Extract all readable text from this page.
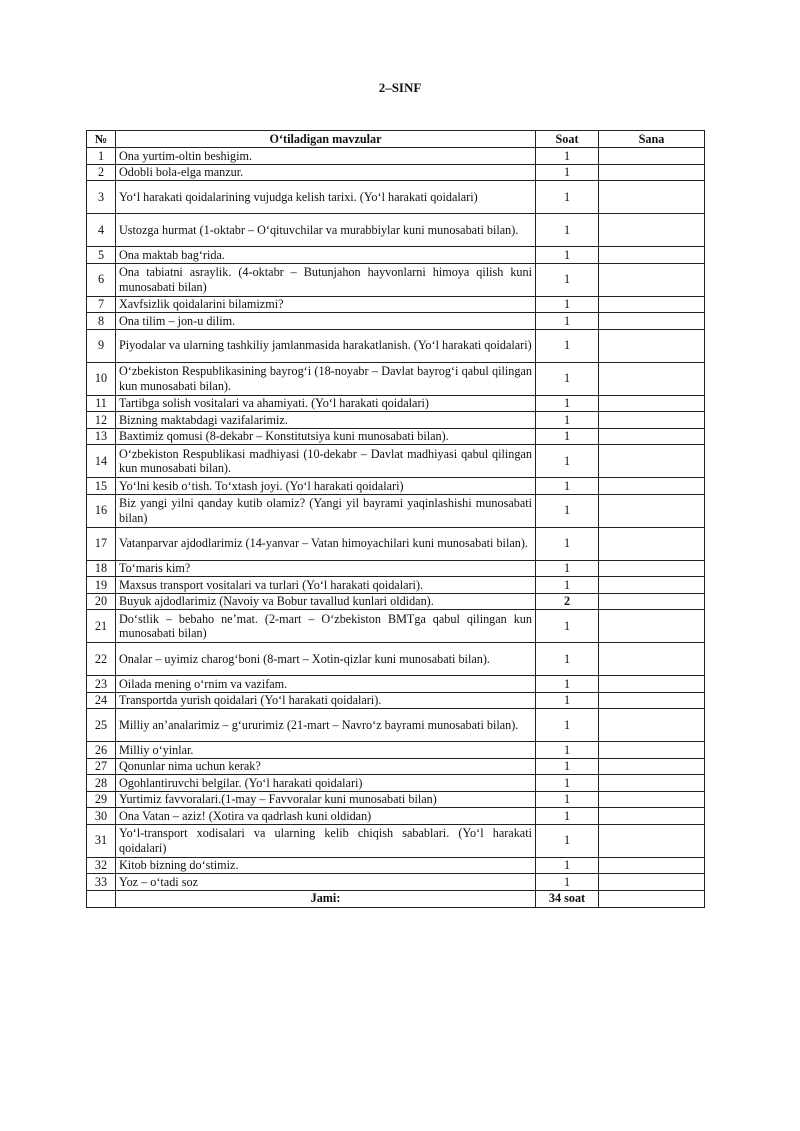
2–SINF
№	O‘tiladigan mavzular	Soat	Sana
1	Ona yurtim-oltin beshigim.	1	
2	Odobli bola-elga manzur.	1	
3	Yo‘l harakati qoidalarining vujudga kelish tarixi. (Yo‘l harakati qoidalari)	1	
4	Ustozga hurmat (1-oktabr – O‘qituvchilar va murabbiylar kuni munosabati bilan).	1	
5	Ona maktab bag‘rida.	1	
6	Ona tabiatni asraylik. (4-oktabr – Butunjahon hayvonlarni himoya qilish kuni munosabati bilan)	1	
7	Xavfsizlik qoidalarini bilamizmi?	1	
8	Ona tilim – jon-u dilim.	1	
9	Piyodalar va ularning tashkiliy jamlanmasida harakatlanish. (Yo‘l harakati qoidalari)	1	
10	O‘zbekiston Respublikasining bayrog‘i (18-noyabr – Davlat bayrog‘i qabul qilingan kun munosabati bilan).	1	
11	Tartibga solish vositalari va ahamiyati. (Yo‘l harakati qoidalari)	1	
12	Bizning maktabdagi vazifalarimiz.	1	
13	Baxtimiz qomusi (8-dekabr – Konstitutsiya kuni munosabati bilan).	1	
14	O‘zbekiston Respublikasi madhiyasi (10-dekabr – Davlat madhiyasi qabul qilingan kun munosabati bilan).	1	
15	Yo‘lni kesib o‘tish. To‘xtash joyi. (Yo‘l harakati qoidalari)	1	
16	Biz yangi yilni qanday kutib olamiz? (Yangi yil bayrami yaqinlashishi munosabati bilan)	1	
17	Vatanparvar ajdodlarimiz (14-yanvar – Vatan himoyachilari kuni munosabati bilan).	1	
18	To‘maris kim?	1	
19	Maxsus transport vositalari va turlari (Yo‘l harakati qoidalari).	1	
20	Buyuk ajdodlarimiz (Navoiy va Bobur tavallud kunlari oldidan).	2	
21	Do‘stlik – bebaho ne’mat. (2-mart – O‘zbekiston BMTga qabul qilingan kun munosabati bilan)	1	
22	Onalar – uyimiz charog‘boni (8-mart – Xotin-qizlar kuni munosabati bilan).	1	
23	Oilada mening o‘rnim va vazifam.	1	
24	Transportda yurish qoidalari (Yo‘l harakati qoidalari).	1	
25	Milliy an’analarimiz – g‘ururimiz (21-mart – Navro‘z bayrami munosabati bilan).	1	
26	Milliy o‘yinlar.	1	
27	Qonunlar nima uchun kerak?	1	
28	Ogohlantiruvchi belgilar. (Yo‘l harakati qoidalari)	1	
29	Yurtimiz favvoralari.(1-may – Favvoralar kuni munosabati bilan)	1	
30	Ona Vatan – aziz! (Xotira va qadrlash kuni oldidan)	1	
31	Yo‘l-transport xodisalari va ularning kelib chiqish sabablari. (Yo‘l harakati qoidalari)	1	
32	Kitob bizning do‘stimiz.	1	
33	Yoz – o‘tadi soz	1	
	Jami:	34 soat	
